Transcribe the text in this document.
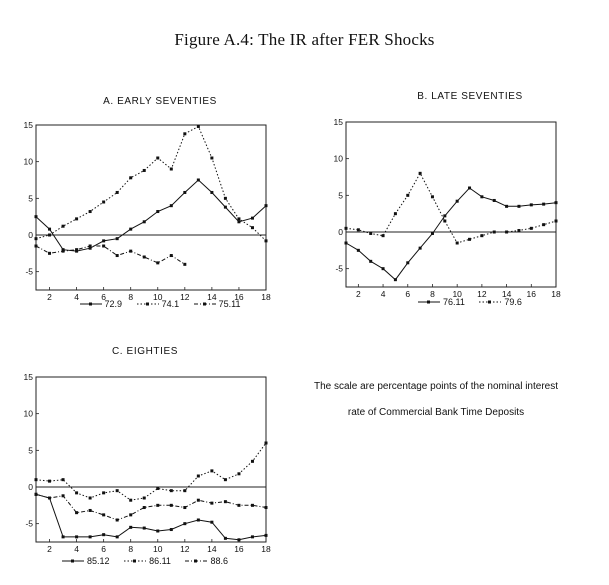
Figure A.4: The IR after FER Shocks
A. EARLY SEVENTIES
-5
0
5
10
15
2	4	6	8 10 12 14 16 18
72.9
	74.1
	75.11
B. LATE SEVENTIES
-5
0
5
10
15
2 4 6 8 10 12 14 16 18
76.11
	79.6
C. EIGHTIES
-5
0
5
10
15
2	4	6	8 10 12 14 16 18
85.12
	86.11
	88.6
The scale are percentage points of the nominal interest rate of Commercial Bank Time Deposits
